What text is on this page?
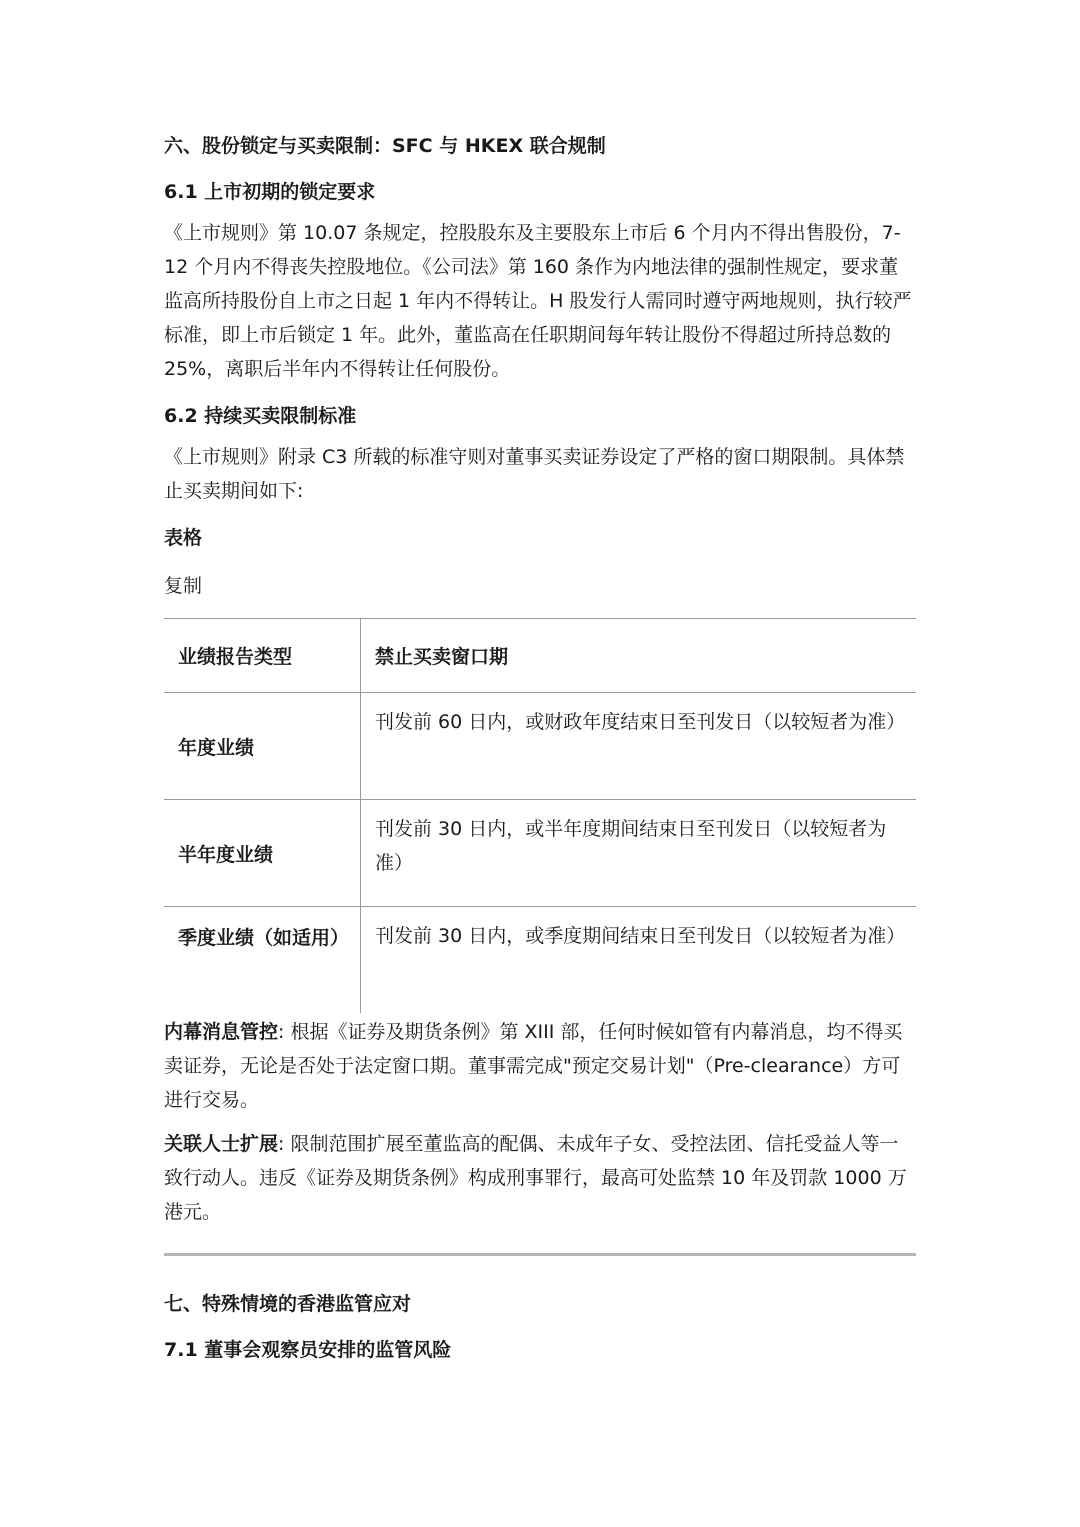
六、股份锁定与买卖限制：SFC 与 HKEX 联合规制
6.1 上市初期的锁定要求

《上市规则》第 10.07 条规定，控股股东及主要股东上市后 6 个月内不得出售股份，7-12 个月内不得丧失控股地位。《公司法》第 160 条作为内地法律的强制性规定，要求董监高所持股份自上市之日起 1 年内不得转让。H 股发行人需同时遵守两地规则，执行较严标准，即上市后锁定 1 年。此外，董监高在任职期间每年转让股份不得超过所持总数的 25%，离职后半年内不得转让任何股份。

6.2 持续买卖限制标准

《上市规则》附录 C3 所载的标准守则对董事买卖证券设定了严格的窗口期限制。具体禁止买卖期间如下:

表格
复制
业绩报告类型	禁止买卖窗口期
年度业绩	刊发前 60 日内，或财政年度结束日至刊发日（以较短者为准）
半年度业绩	刊发前 30 日内，或半年度期间结束日至刊发日（以较短者为准）
季度业绩（如适用）	刊发前 30 日内，或季度期间结束日至刊发日（以较短者为准）

内幕消息管控: 根据《证券及期货条例》第 XIII 部，任何时候如管有内幕消息，均不得买卖证券，无论是否处于法定窗口期。董事需完成"预定交易计划"（Pre-clearance）方可进行交易。

关联人士扩展: 限制范围扩展至董监高的配偶、未成年子女、受控法团、信托受益人等一致行动人。违反《证券及期货条例》构成刑事罪行，最高可处监禁 10 年及罚款 1000 万港元。

七、特殊情境的香港监管应对
7.1 董事会观察员安排的监管风险
